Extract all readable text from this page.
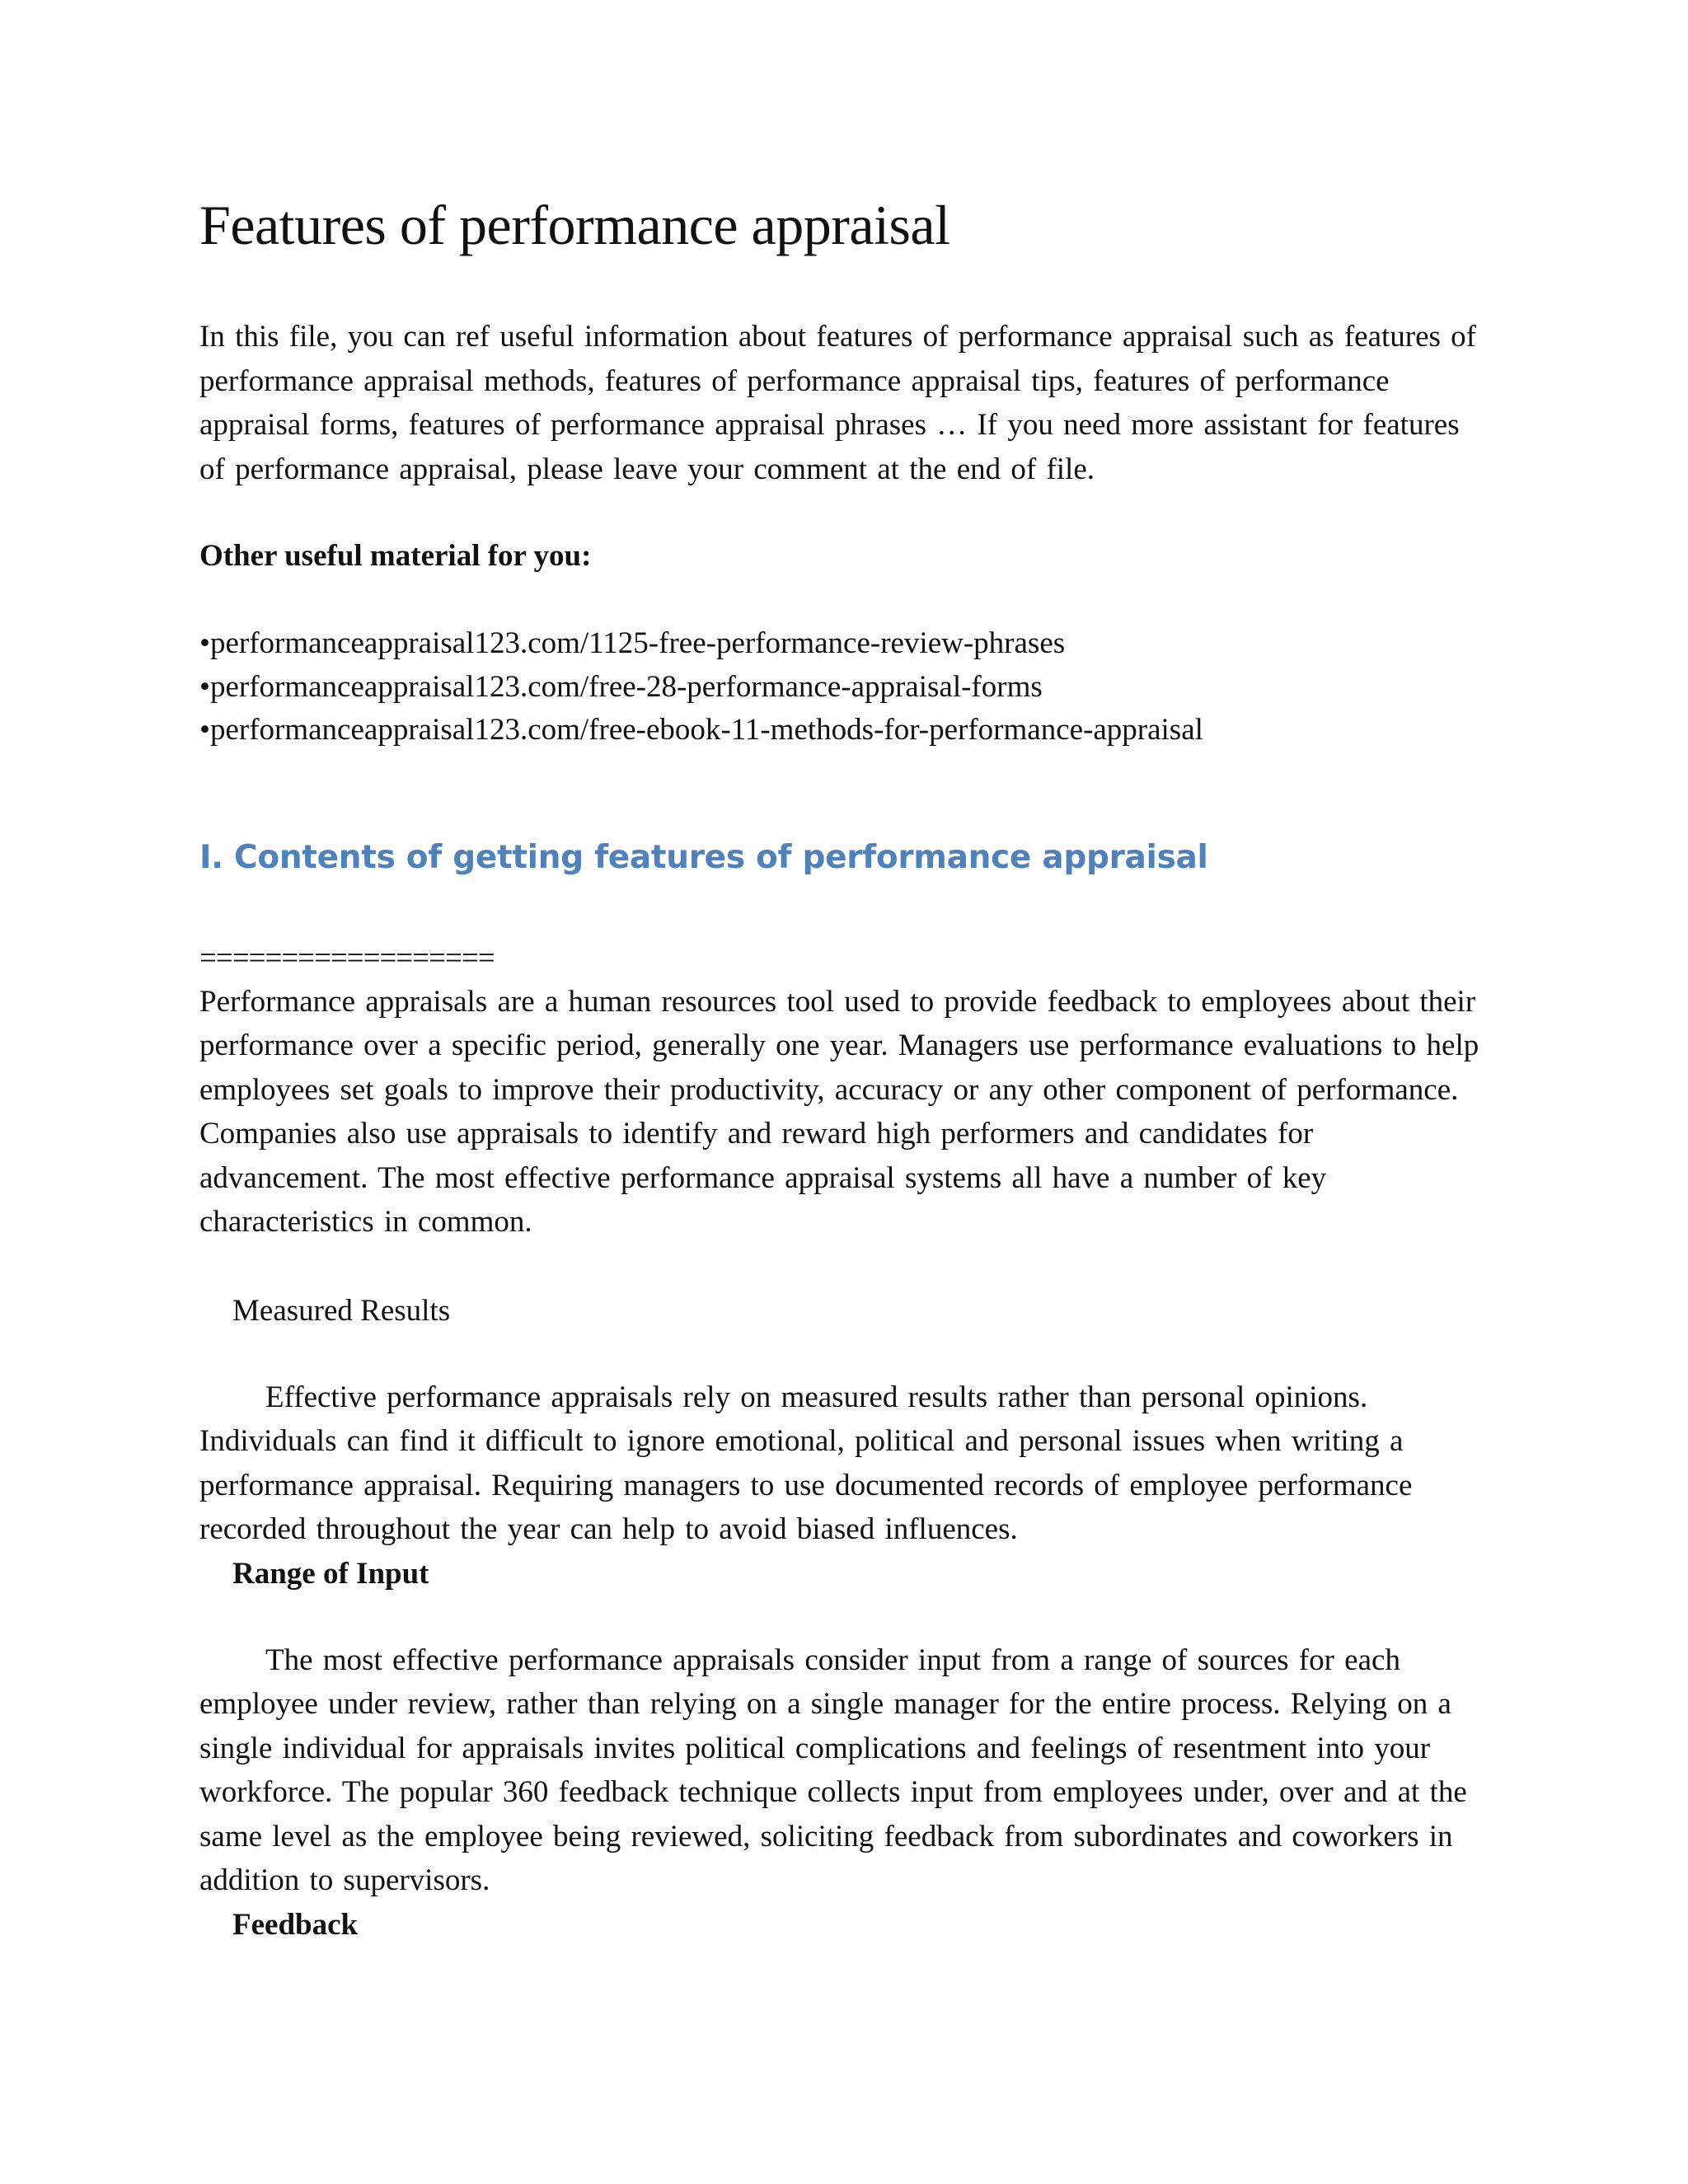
Features of performance appraisal

In this file, you can ref useful information about features of performance appraisal such as features of performance appraisal methods, features of performance appraisal tips, features of performance appraisal forms, features of performance appraisal phrases … If you need more assistant for features of performance appraisal, please leave your comment at the end of file.

Other useful material for you:

• performanceappraisal123.com/1125-free-performance-review-phrases
• performanceappraisal123.com/free-28-performance-appraisal-forms
• performanceappraisal123.com/free-ebook-11-methods-for-performance-appraisal
I. Contents of getting features of performance appraisal

==================

Performance appraisals are a human resources tool used to provide feedback to employees about their performance over a specific period, generally one year. Managers use performance evaluations to help employees set goals to improve their productivity, accuracy or any other component of performance. Companies also use appraisals to identify and reward high performers and candidates for advancement. The most effective performance appraisal systems all have a number of key characteristics in common.

Measured Results

Effective performance appraisals rely on measured results rather than personal opinions. Individuals can find it difficult to ignore emotional, political and personal issues when writing a performance appraisal. Requiring managers to use documented records of employee performance recorded throughout the year can help to avoid biased influences.

Range of Input

The most effective performance appraisals consider input from a range of sources for each employee under review, rather than relying on a single manager for the entire process. Relying on a single individual for appraisals invites political complications and feelings of resentment into your workforce. The popular 360 feedback technique collects input from employees under, over and at the same level as the employee being reviewed, soliciting feedback from subordinates and coworkers in addition to supervisors.

Feedback
